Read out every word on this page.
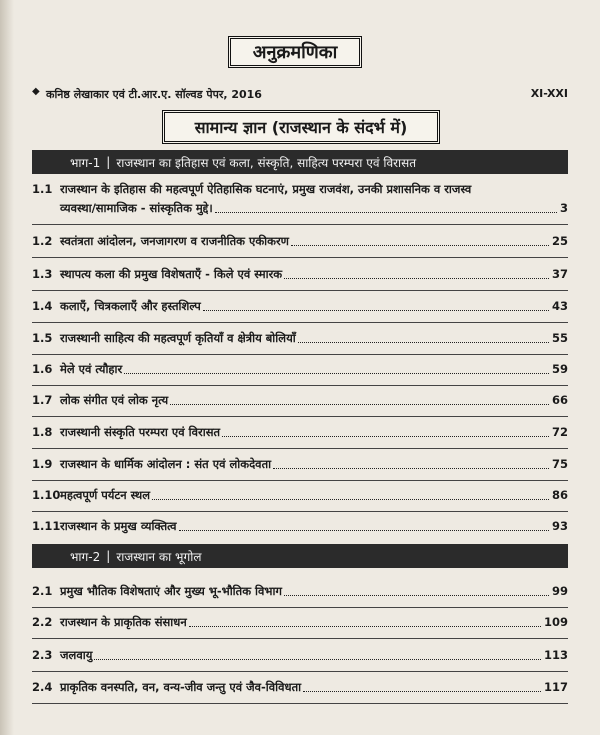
अनुक्रमणिका
◆ कनिष्ठ लेखाकार एवं टी.आर.ए. सॉल्वड पेपर, 2016	XI-XXI
सामान्य ज्ञान (राजस्थान के संदर्भ में)
भाग-1 | राजस्थान का इतिहास एवं कला, संस्कृति, साहित्य परम्परा एवं विरासत
1.1 राजस्थान के इतिहास की महत्वपूर्ण ऐतिहासिक घटनाएं, प्रमुख राजवंश, उनकी प्रशासनिक व राजस्व
व्यवस्था/सामाजिक - सांस्कृतिक मुद्दे।	3
1.2 स्वतंत्रता आंदोलन, जनजागरण व राजनीतिक एकीकरण	25
1.3 स्थापत्य कला की प्रमुख विशेषताएँ - किले एवं स्मारक	37
1.4 कलाएँ, चित्रकलाएँ और हस्तशिल्प	43
1.5 राजस्थानी साहित्य की महत्वपूर्ण कृतियाँ व क्षेत्रीय बोलियाँ	55
1.6 मेले एवं त्यौहार	59
1.7 लोक संगीत एवं लोक नृत्य	66
1.8 राजस्थानी संस्कृति परम्परा एवं विरासत	72
1.9 राजस्थान के धार्मिक आंदोलन : संत एवं लोकदेवता	75
1.10 महत्वपूर्ण पर्यटन स्थल	86
1.11 राजस्थान के प्रमुख व्यक्तित्व	93
भाग-2 | राजस्थान का भूगोल
2.1 प्रमुख भौतिक विशेषताएं और मुख्य भू-भौतिक विभाग	99
2.2 राजस्थान के प्राकृतिक संसाधन	109
2.3 जलवायु	113
2.4 प्राकृतिक वनस्पति, वन, वन्य-जीव जन्तु एवं जैव-विविधता	117
